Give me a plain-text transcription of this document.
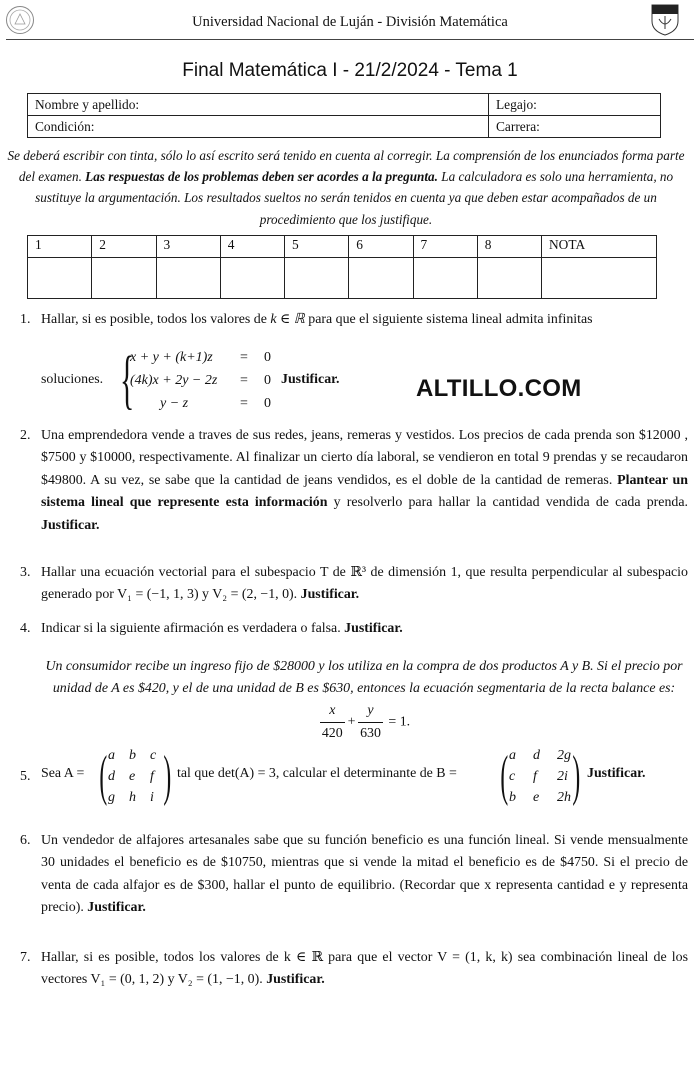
Universidad Nacional de Luján - División Matemática
Final Matemática I - 21/2/2024 - Tema 1
Nombre y apellido:	Legajo:
Condición:	Carrera:
Se deberá escribir con tinta, sólo lo así escrito será tenido en cuenta al corregir. La comprensión de los enunciados forma parte del examen. Las respuestas de los problemas deben ser acordes a la pregunta. La calculadora es solo una herramienta, no sustituye la argumentación. Los resultados sueltos no serán tenidos en cuenta ya que deben estar acompañados de un procedimiento que los justifique.
1	2	3	4	5	6	7	8	NOTA

1. Hallar, si es posible, todos los valores de k ∈ ℝ para que el siguiente sistema lineal admita infinitas
soluciones. {
x + y + (k+1)z = 0
(4k)x + 2y − 2z = 0
y − z	= 0
Justificar.	ALTILLO.COM
2. Una emprendedora vende a traves de sus redes, jeans, remeras y vestidos. Los precios de cada prenda son $12000 , $7500 y $10000, respectivamente. Al finalizar un cierto día laboral, se vendieron en total 9 prendas y se recaudaron $49800. A su vez, se sabe que la cantidad de jeans vendidos, es el doble de la cantidad de remeras. Plantear un sistema lineal que represente esta información y resolverlo para hallar la cantidad vendida de cada prenda. Justificar.
3. Hallar una ecuación vectorial para el subespacio T de ℝ³ de dimensión 1, que resulta perpendicular al subespacio generado por V₁ = (−1, 1, 3) y V₂ = (2, −1, 0). Justificar.
4. Indicar si la siguiente afirmación es verdadera o falsa. Justificar.
Un consumidor recibe un ingreso fijo de $28000 y los utiliza en la compra de dos productos A y B. Si el precio por unidad de A es $420, y el de una unidad de B es $630, entonces la ecuación segmentaria de la recta balance es:
$\frac{x}{420} + \frac{y}{630} = 1$.
5. Sea A = ( )
a b c
d e f
g h i
tal que det(A) = 3, calcular el determinante de B = ( )
a d 2g
c f 2i
b e 2h
Justificar.
6. Un vendedor de alfajores artesanales sabe que su función beneficio es una función lineal. Si vende mensualmente 30 unidades el beneficio es de $10750, mientras que si vende la mitad el beneficio es de $4750. Si el precio de venta de cada alfajor es de $300, hallar el punto de equilibrio. (Recordar que x representa cantidad e y representa precio). Justificar.
7. Hallar, si es posible, todos los valores de k ∈ ℝ para que el vector V = (1, k, k) sea combinación lineal de los vectores V₁ = (0, 1, 2) y V₂ = (1, −1, 0). Justificar.
